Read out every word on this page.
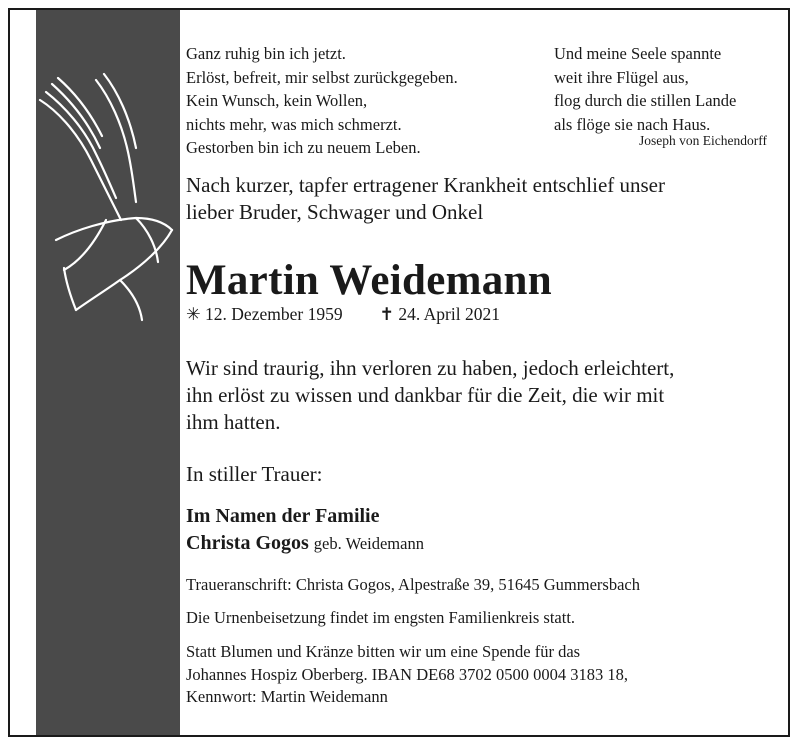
Ganz ruhig bin ich jetzt.
Erlöst, befreit, mir selbst zurückgegeben.
Kein Wunsch, kein Wollen,
nichts mehr, was mich schmerzt.
Gestorben bin ich zu neuem Leben.
Und meine Seele spannte
weit ihre Flügel aus,
flog durch die stillen Lande
als flöge sie nach Haus.
Joseph von Eichendorff
Nach kurzer, tapfer ertragener Krankheit entschlief unser
lieber Bruder, Schwager und Onkel
Martin Weidemann
✳ 12. Dezember 1959 ✝ 24. April 2021
Wir sind traurig, ihn verloren zu haben, jedoch erleichtert,
ihn erlöst zu wissen und dankbar für die Zeit, die wir mit
ihm hatten.
In stiller Trauer:
Im Namen der Familie
Christa Gogos geb. Weidemann
Traueranschrift: Christa Gogos, Alpestraße 39, 51645 Gummersbach
Die Urnenbeisetzung findet im engsten Familienkreis statt.
Statt Blumen und Kränze bitten wir um eine Spende für das
Johannes Hospiz Oberberg. IBAN DE68 3702 0500 0004 3183 18,
Kennwort: Martin Weidemann
